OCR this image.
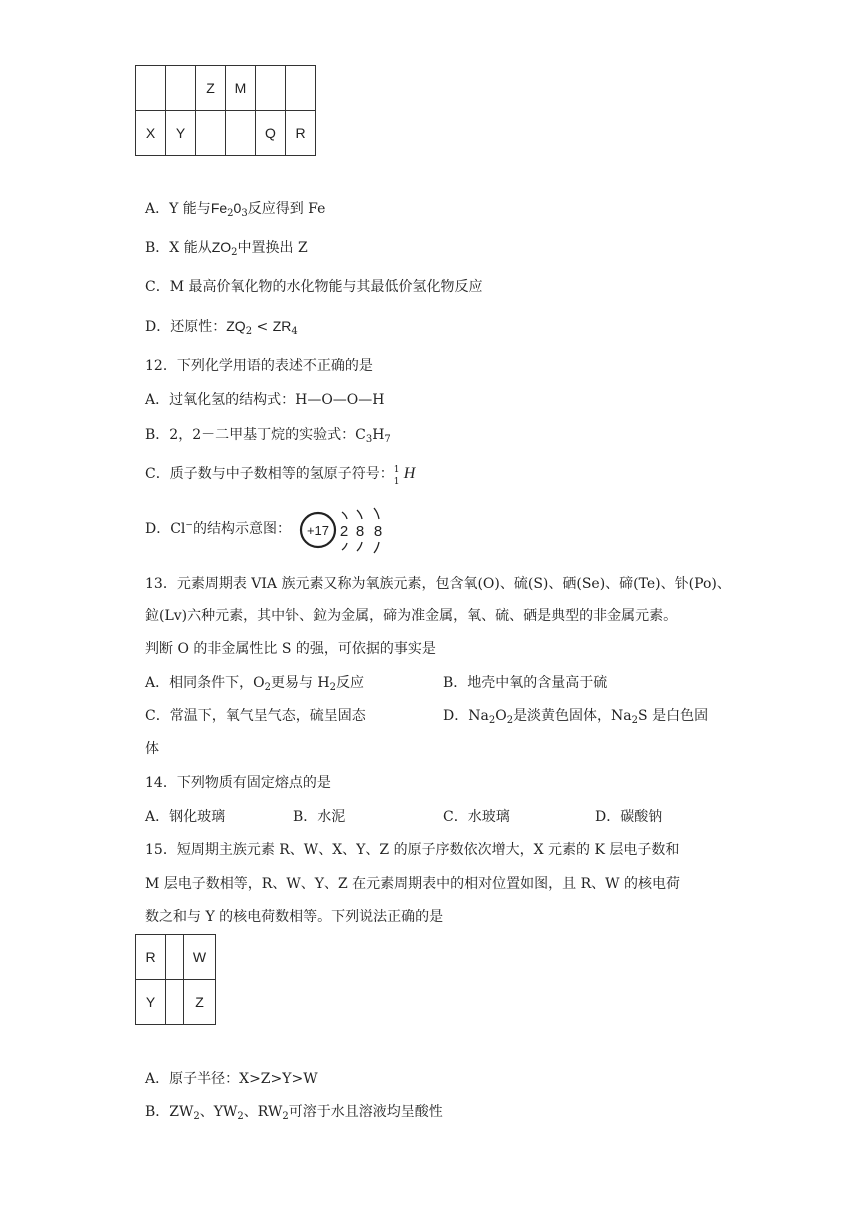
		Z	M		
X	Y			Q	R
A．Y 能与$Fe_20_3$反应得到 Fe
B．X 能从$ZO_2$中置换出 Z
C．M 最高价氧化物的水化物能与其最低价氢化物反应
D．还原性：$ZQ_2 < ZR_4$
12．下列化学用语的表述不正确的是
A．过氧化氢的结构式：H—O—O—H
B．2，2－二甲基丁烷的实验式：$C_3H_7$
C．质子数与中子数相等的氢原子符号： 1
1 H
D．Cl−的结构示意图： +17 2 8 8
13．元素周期表 VIA 族元素又称为氧族元素，包含氧(O)、硫(S)、硒(Se)、碲(Te)、钋(Po)、
鉝(Lv)六种元素，其中钋、鉝为金属，碲为准金属，氧、硫、硒是典型的非金属元素。
判断 O 的非金属性比 S 的强，可依据的事实是
A．相同条件下，$O_2$更易与 $H_2$反应	B．地壳中氧的含量高于硫
C．常温下，氧气呈气态，硫呈固态	D．$Na_2O_2$是淡黄色固体，$Na_2S$ 是白色固
体
14．下列物质有固定熔点的是
A．钢化玻璃	B．水泥	C．水玻璃	D．碳酸钠
15．短周期主族元素 R、W、X、Y、Z 的原子序数依次增大，X 元素的 K 层电子数和
M 层电子数相等，R、W、Y、Z 在元素周期表中的相对位置如图，且 R、W 的核电荷
数之和与 Y 的核电荷数相等。下列说法正确的是
R		W
Y		Z
A．原子半径：X>Z>Y>W
B．$ZW_2$、$YW_2$、$RW_2$可溶于水且溶液均呈酸性
